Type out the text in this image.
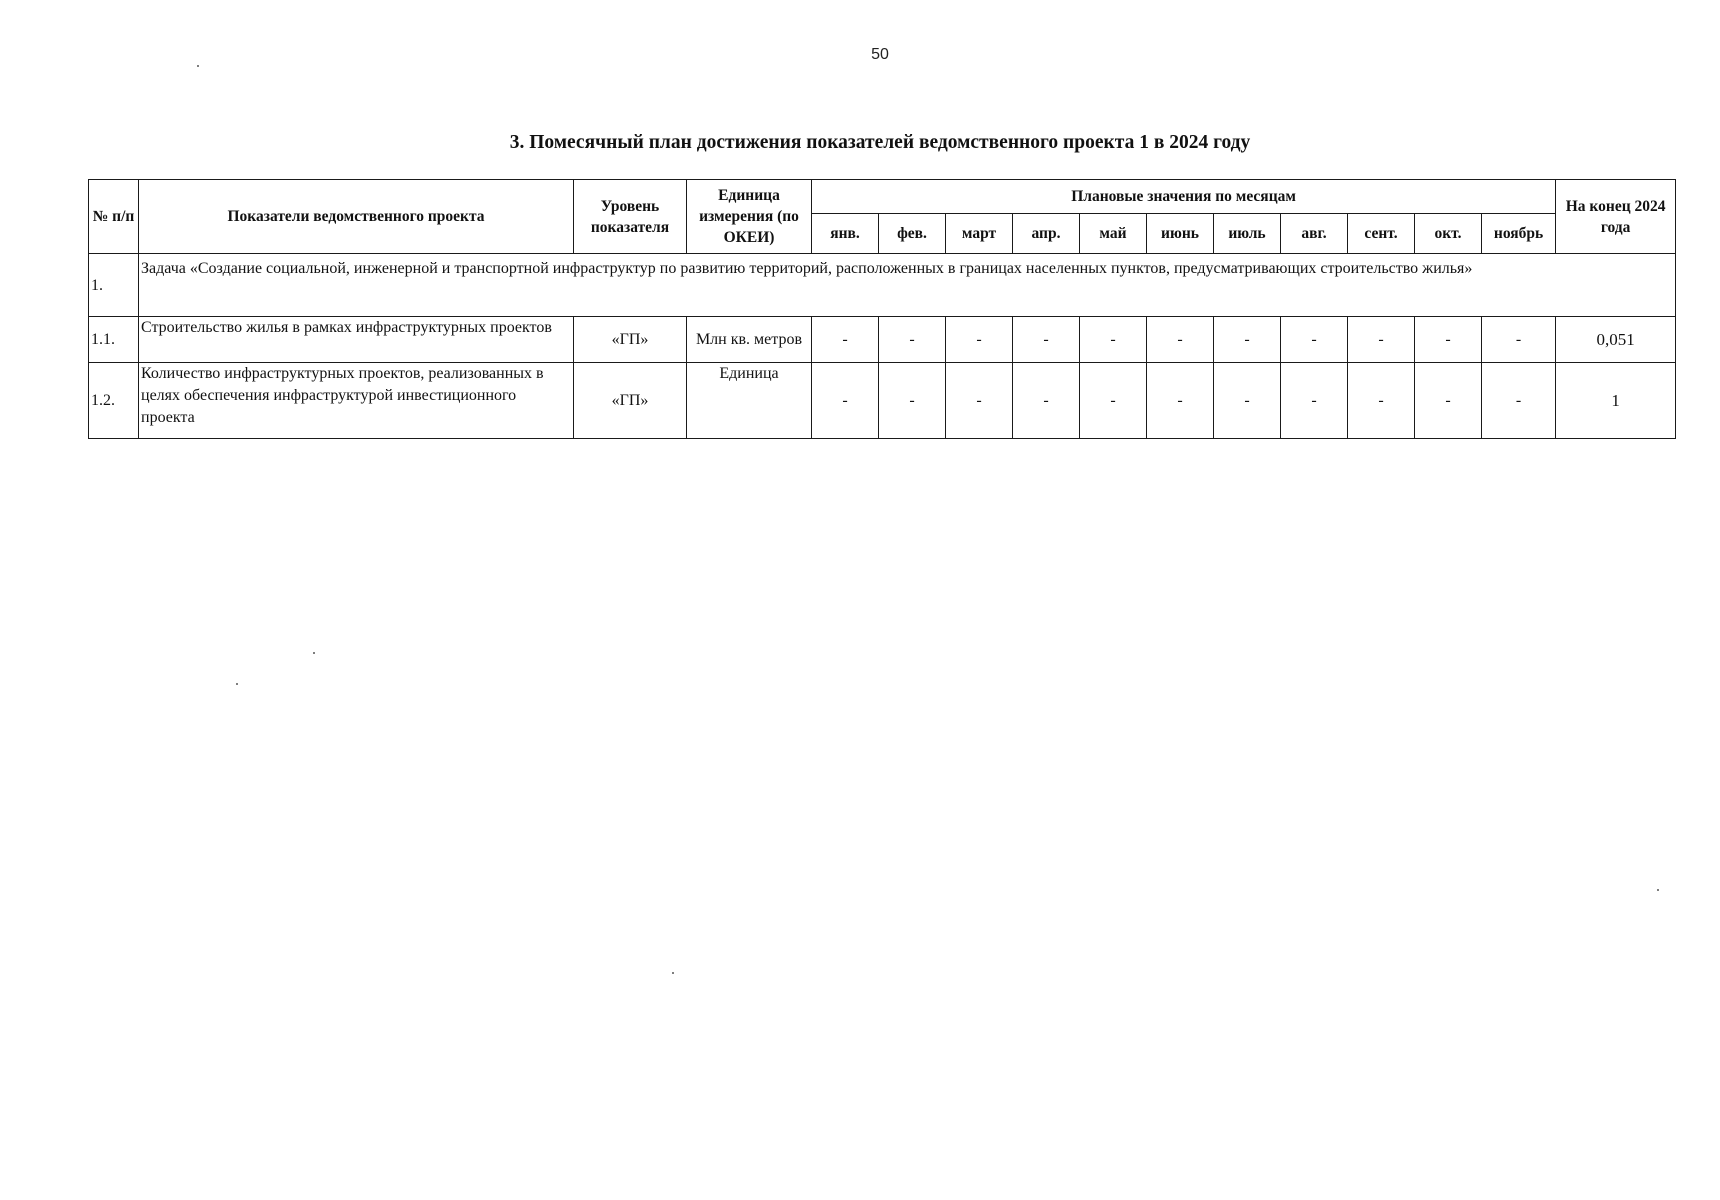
50
3. Помесячный план достижения показателей ведомственного проекта 1 в 2024 году
№ п/п	Показатели ведомственного проекта	Уровень показателя	Единица измерения (по ОКЕИ)	Плановые значения по месяцам											На конец 2024 года
				янв.	фев.	март	апр.	май	июнь	июль	авг.	сент.	окт.	ноябрь	
1.	Задача «Создание социальной, инженерной и транспортной инфраструктур по развитию территорий, расположенных в границах населенных пунктов, предусматривающих строительство жилья»														
1.1.	Строительство жилья в рамках инфраструктурных проектов	«ГП»	Млн кв. метров	-	-	-	-	-	-	-	-	-	-	-	0,051
1.2.	Количество инфраструктурных проектов, реализованных в целях обеспечения инфраструктурой инвестиционного проекта	«ГП»	Единица	-	-	-	-	-	-	-	-	-	-	-	1
